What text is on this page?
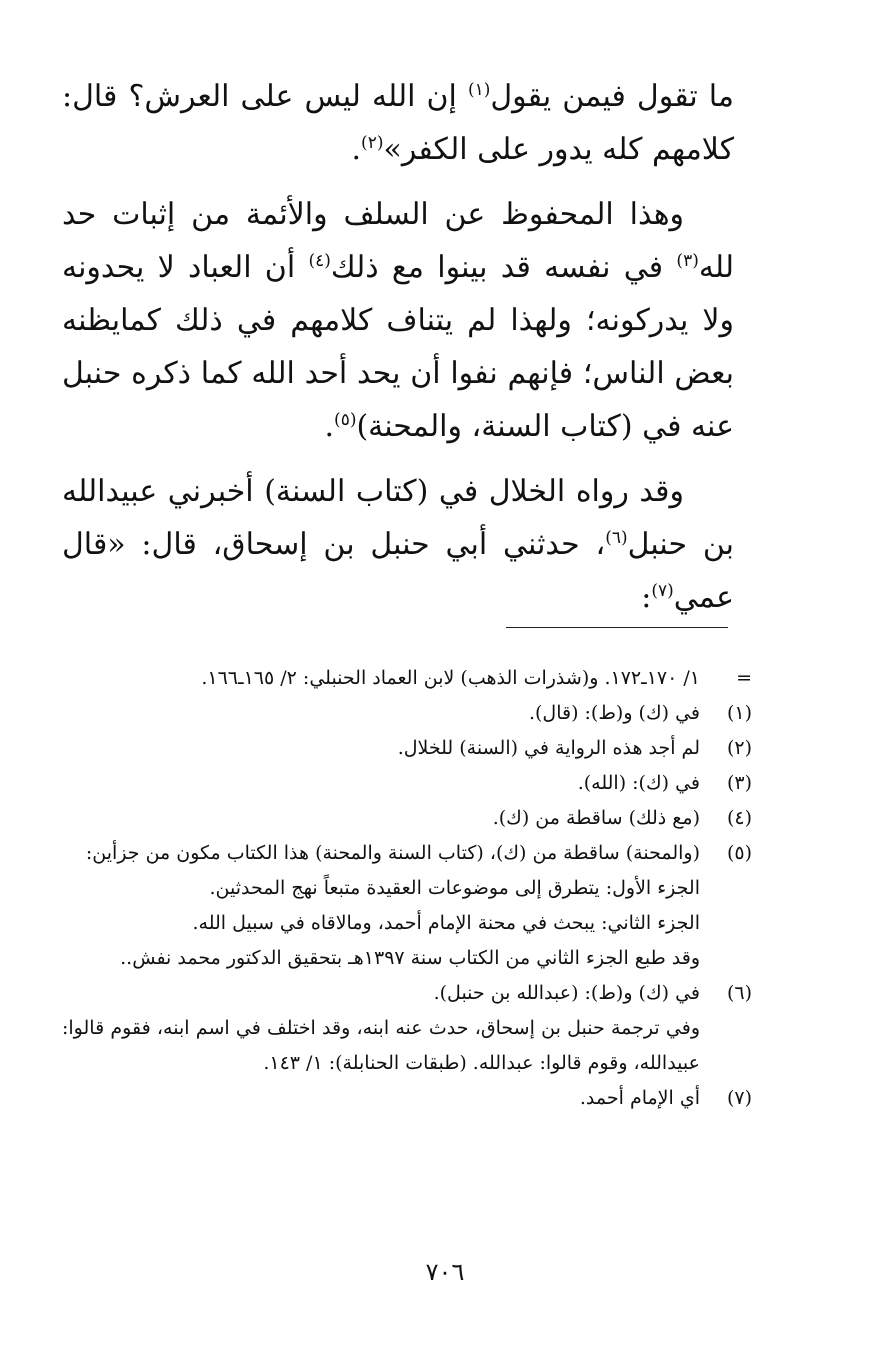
ما تقول فيمن يقول$^{(١)}$ إن الله ليس على العرش؟ قال: كلامهم كله يدور على الكفر»$^{(٢)}$.

وهذا المحفوظ عن السلف والأئمة من إثبات حد لله$^{(٣)}$ في نفسه قد بينوا مع ذلك$^{(٤)}$ أن العباد لا يحدونه ولا يدركونه؛ ولهذا لم يتناف كلامهم في ذلك كمايظنه بعض الناس؛ فإنهم نفوا أن يحد أحد الله كما ذكره حنبل عنه في (كتاب السنة، والمحنة)$^{(٥)}$.

وقد رواه الخلال في (كتاب السنة) أخبرني عبيدالله بن حنبل$^{(٦)}$، حدثني أبي حنبل بن إسحاق، قال: «قال عمي$^{(٧)}$:

=
١/ ١٧٠ـ١٧٢. و(شذرات الذهب) لابن العماد الحنبلي: ٢/ ١٦٥ـ١٦٦.
(١)
في (ك) و(ط): (قال).
(٢)
لم أجد هذه الرواية في (السنة) للخلال.
(٣)
في (ك): (الله).
(٤)
(مع ذلك) ساقطة من (ك).
(٥)
(والمحنة) ساقطة من (ك)، (كتاب السنة والمحنة) هذا الكتاب مكون من جزأين:
الجزء الأول: يتطرق إلى موضوعات العقيدة متبعاً نهج المحدثين.
الجزء الثاني: يبحث في محنة الإمام أحمد، ومالاقاه في سبيل الله.
وقد طبع الجزء الثاني من الكتاب سنة ١٣٩٧هـ بتحقيق الدكتور محمد نفش..
(٦)
في (ك) و(ط): (عبدالله بن حنبل).
وفي ترجمة حنبل بن إسحاق، حدث عنه ابنه، وقد اختلف في اسم ابنه، فقوم قالوا: عبيدالله، وقوم قالوا: عبدالله. (طبقات الحنابلة): ١/ ١٤٣.
(٧)
أي الإمام أحمد.
٧٠٦
